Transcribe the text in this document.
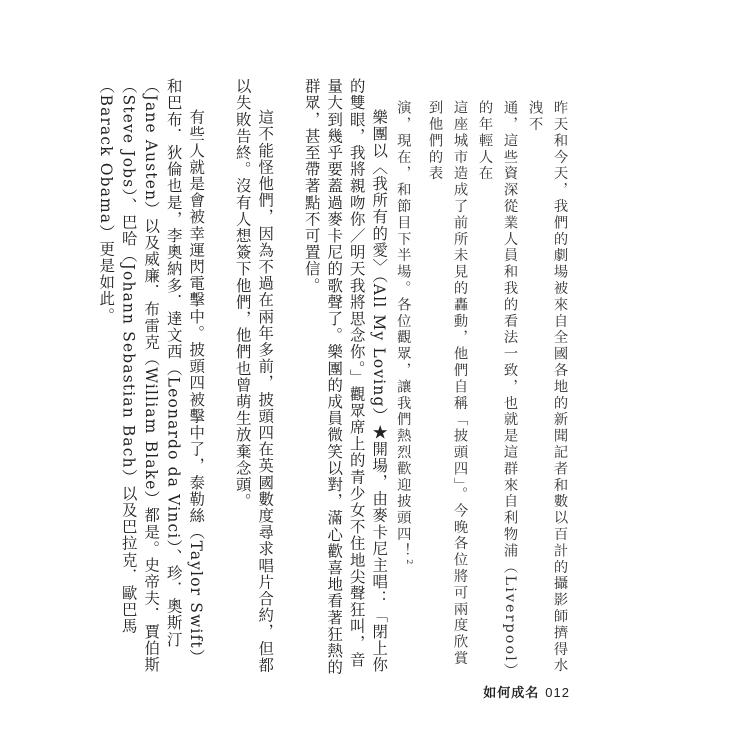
昨天和今天，我們的劇場被來自全國各地的新聞記者和數以百計的攝影師擠得水洩不

通，這些資深從業人員和我的看法一致，也就是這群來自利物浦（Liverpool）的年輕人在

這座城市造成了前所未見的轟動，他們自稱「披頭四」。今晚各位將可兩度欣賞到他們的表

演，現在，和節目下半場。各位觀眾，讓我們熱烈歡迎披頭四！$^2$

樂團以〈我所有的愛〉（All My Loving）★開場，由麥卡尼主唱：「閉上你的雙眼，我將親吻你／明天我將思念你。」觀眾席上的青少女不住地尖聲狂叫，音量大到幾乎要蓋過麥卡尼的歌聲了。樂團的成員微笑以對，滿心歡喜地看著狂熱的群眾，甚至帶著點不可置信。

這不能怪他們，因為不過在兩年多前，披頭四在英國數度尋求唱片合約，但都以失敗告終。沒有人想簽下他們，他們也曾萌生放棄念頭。

有些人就是會被幸運閃電擊中。披頭四被擊中了，泰勒絲（Taylor Swift）和巴布．狄倫也是，李奧納多．達文西（Leonardo da Vinci）、珍．奧斯汀（Jane Austen）以及威廉．布雷克（William Blake）都是。史帝夫．賈伯斯（Steve Jobs）、巴哈（Johann Sebastian Bach）以及巴拉克．歐巴馬（Barack Obama）更是如此。

如何成名 012
